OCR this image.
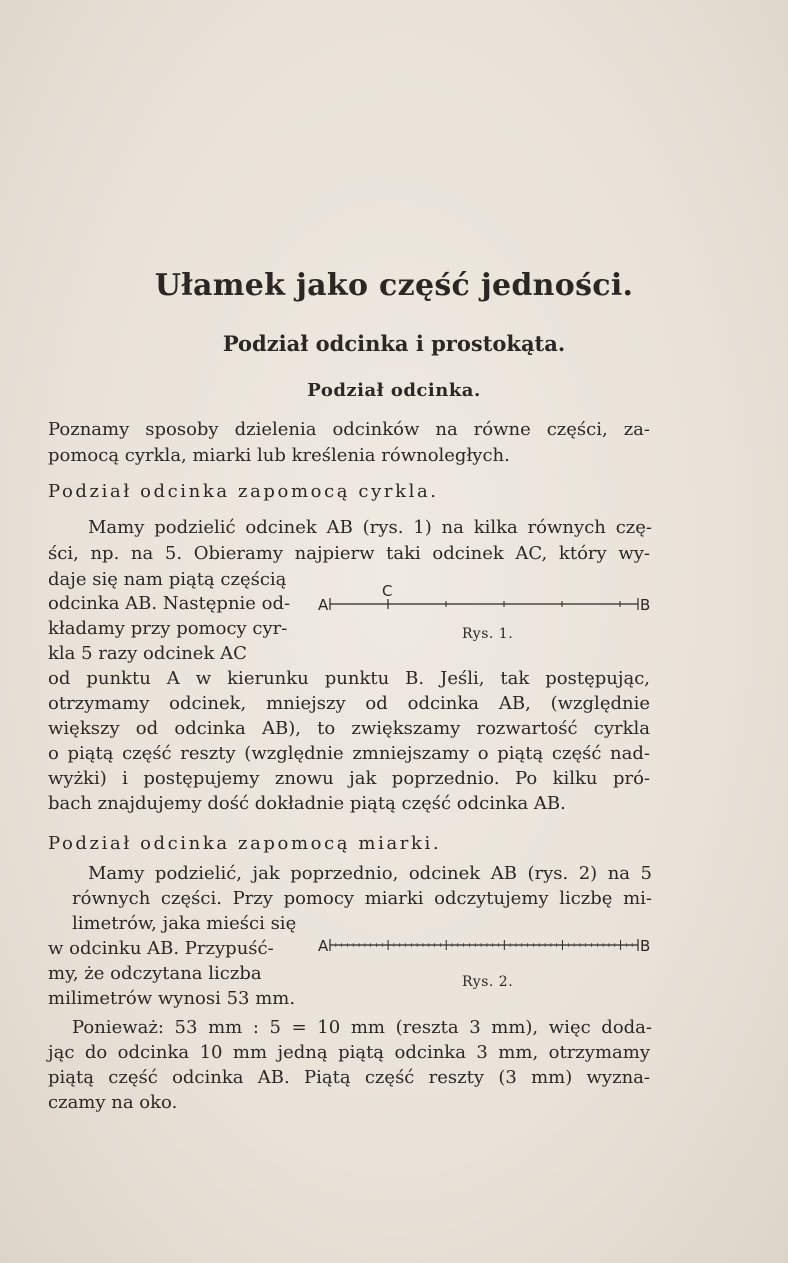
Ułamek jako część jedności.
Podział odcinka i prostokąta.
Podział odcinka.
Poznamy sposoby dzielenia odcinków na równe części, za-
pomocą cyrkla, miarki lub kreślenia równoległych.
Podział odcinka zapomocą cyrkla.
Mamy podzielić odcinek AB (rys. 1) na kilka równych czę-
ści, np. na 5. Obieramy najpierw taki odcinek AC, który wy-
daje się nam piątą częścią
odcinka AB. Następnie od-
kładamy przy pomocy cyr-
kla 5 razy odcinek AC
od punktu A w kierunku punktu B. Jeśli, tak postępując,
otrzymamy odcinek, mniejszy od odcinka AB, (względnie
większy od odcinka AB), to zwiększamy rozwartość cyrkla
o piątą część reszty (względnie zmniejszamy o piątą część nad-
wyżki) i postępujemy znowu jak poprzednio. Po kilku pró-
bach znajdujemy dość dokładnie piątą część odcinka AB.
A	B
C
Rys. 1.
Podział odcinka zapomocą miarki.
Mamy podzielić, jak poprzednio, odcinek AB (rys. 2) na 5
równych części. Przy pomocy miarki odczytujemy liczbę mi-
limetrów, jaka mieści się
w odcinku AB. Przypuść-
my, że odczytana liczba
milimetrów wynosi 53 mm.
A	B
Rys. 2.
Ponieważ: 53 mm : 5 = 10 mm (reszta 3 mm), więc doda-
jąc do odcinka 10 mm jedną piątą odcinka 3 mm, otrzymamy
piątą część odcinka AB. Piątą część reszty (3 mm) wyzna-
czamy na oko.
